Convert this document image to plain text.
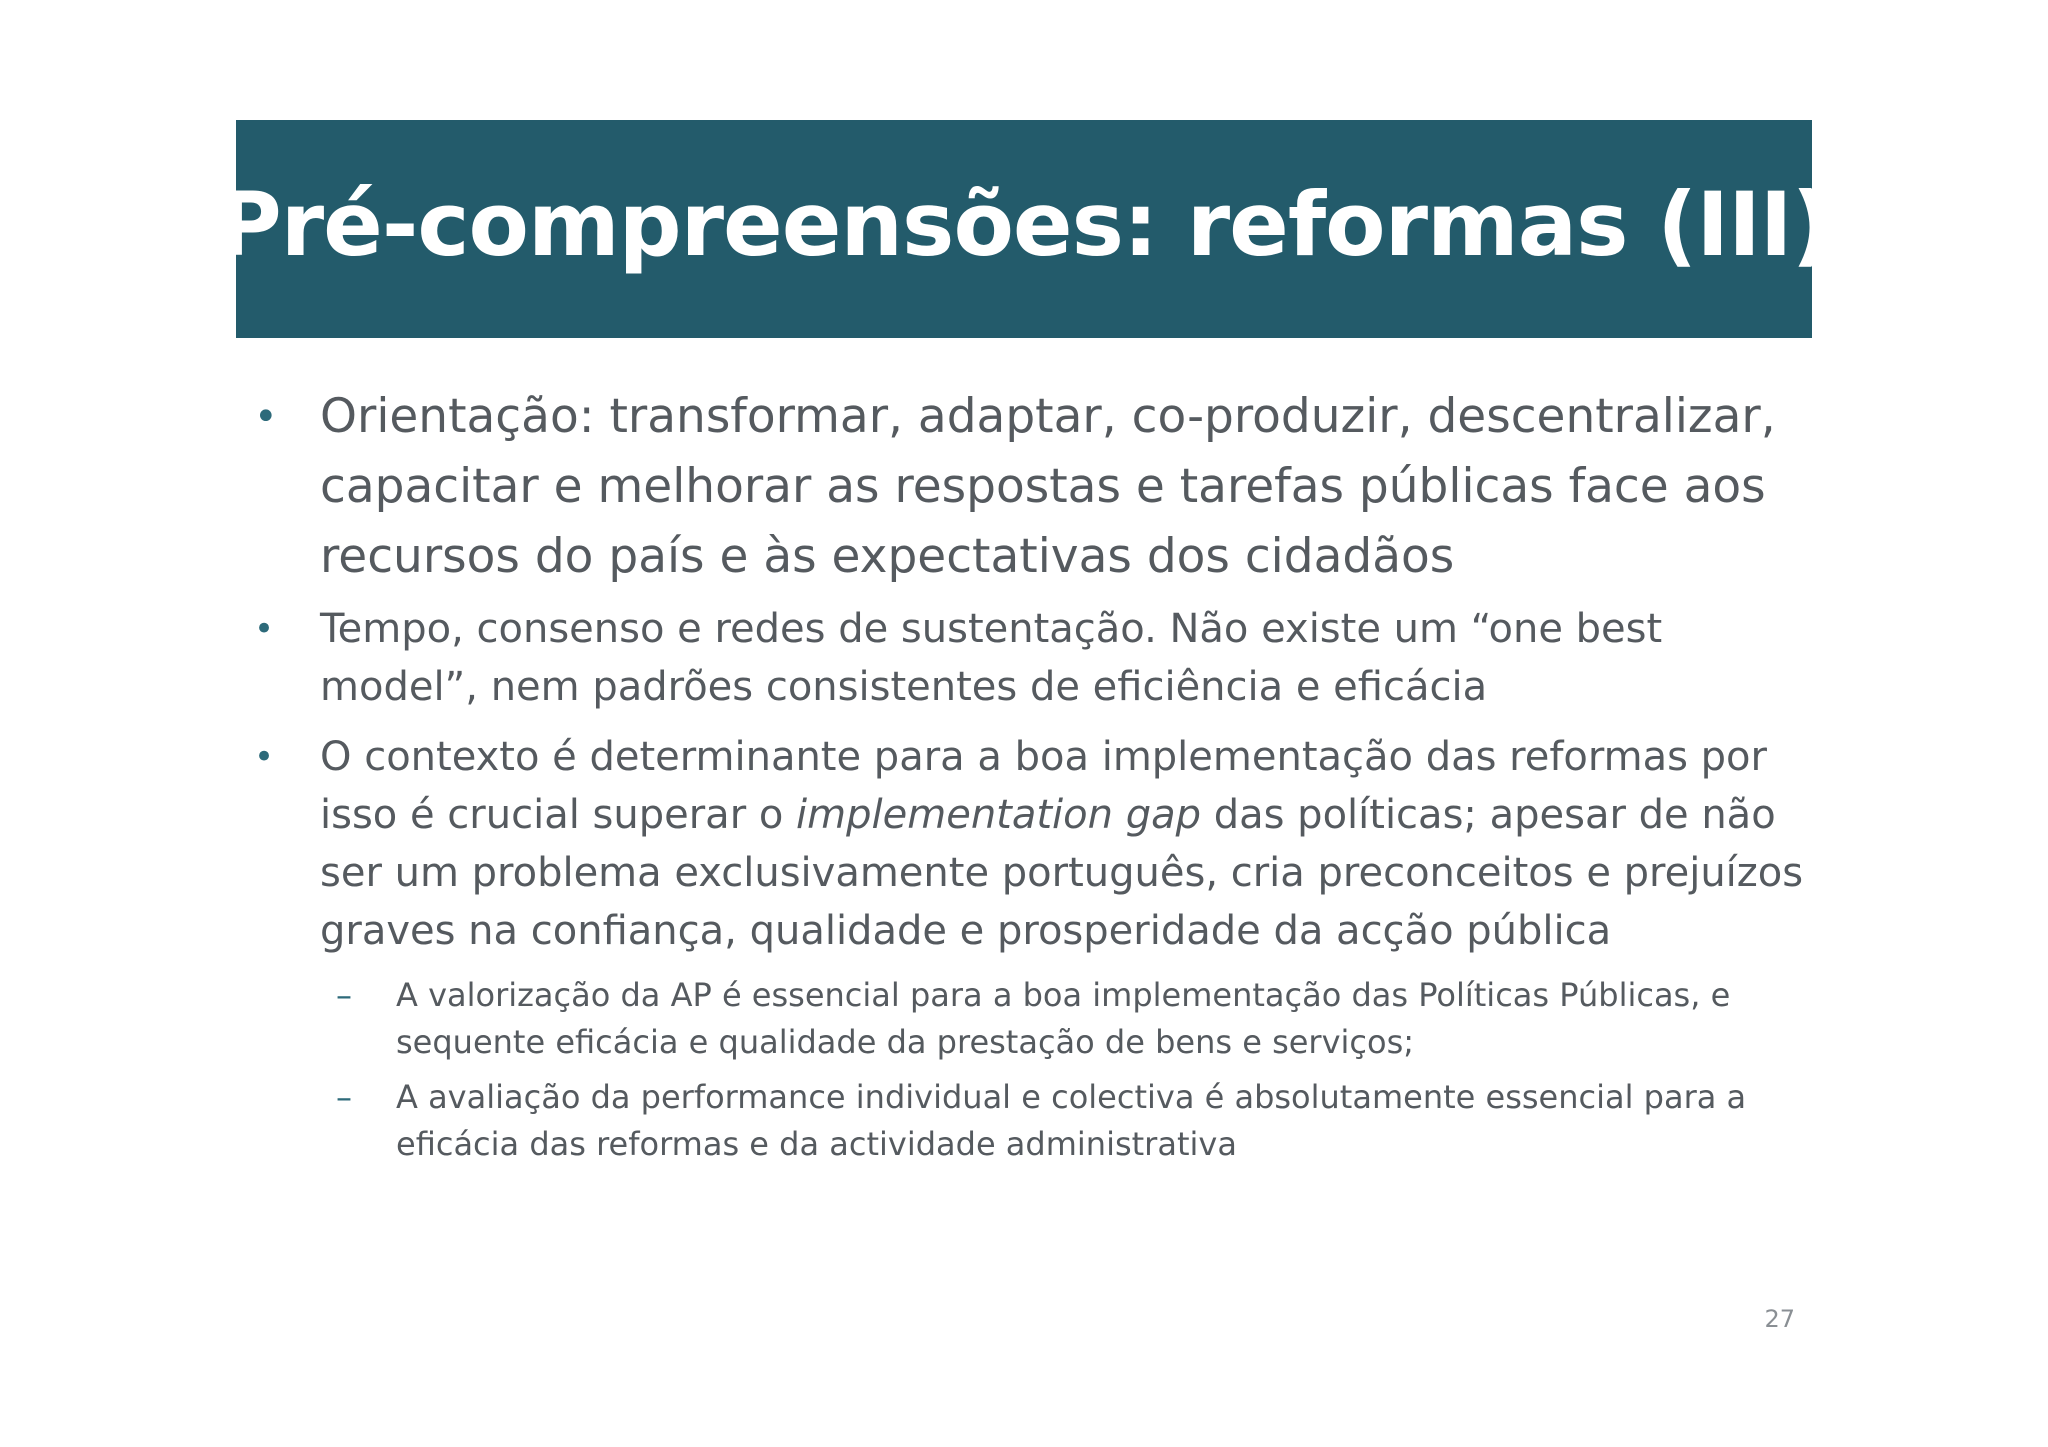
Pré-compreensões: reformas (III)
• Orientação: transformar, adaptar, co-produzir, descentralizar, capacitar e melhorar as respostas e tarefas públicas face aos recursos do país e às expectativas dos cidadãos
• Tempo, consenso e redes de sustentação. Não existe um “one best model”, nem padrões consistentes de eficiência e eficácia
• O contexto é determinante para a boa implementação das reformas por isso é crucial superar o implementation gap das políticas; apesar de não ser um problema exclusivamente português, cria preconceitos e prejuízos graves na confiança, qualidade e prosperidade da acção pública
– A valorização da AP é essencial para a boa implementação das Políticas Públicas, e sequente eficácia e qualidade da prestação de bens e serviços;
– A avaliação da performance individual e colectiva é absolutamente essencial para a eficácia das reformas e da actividade administrativa
27
